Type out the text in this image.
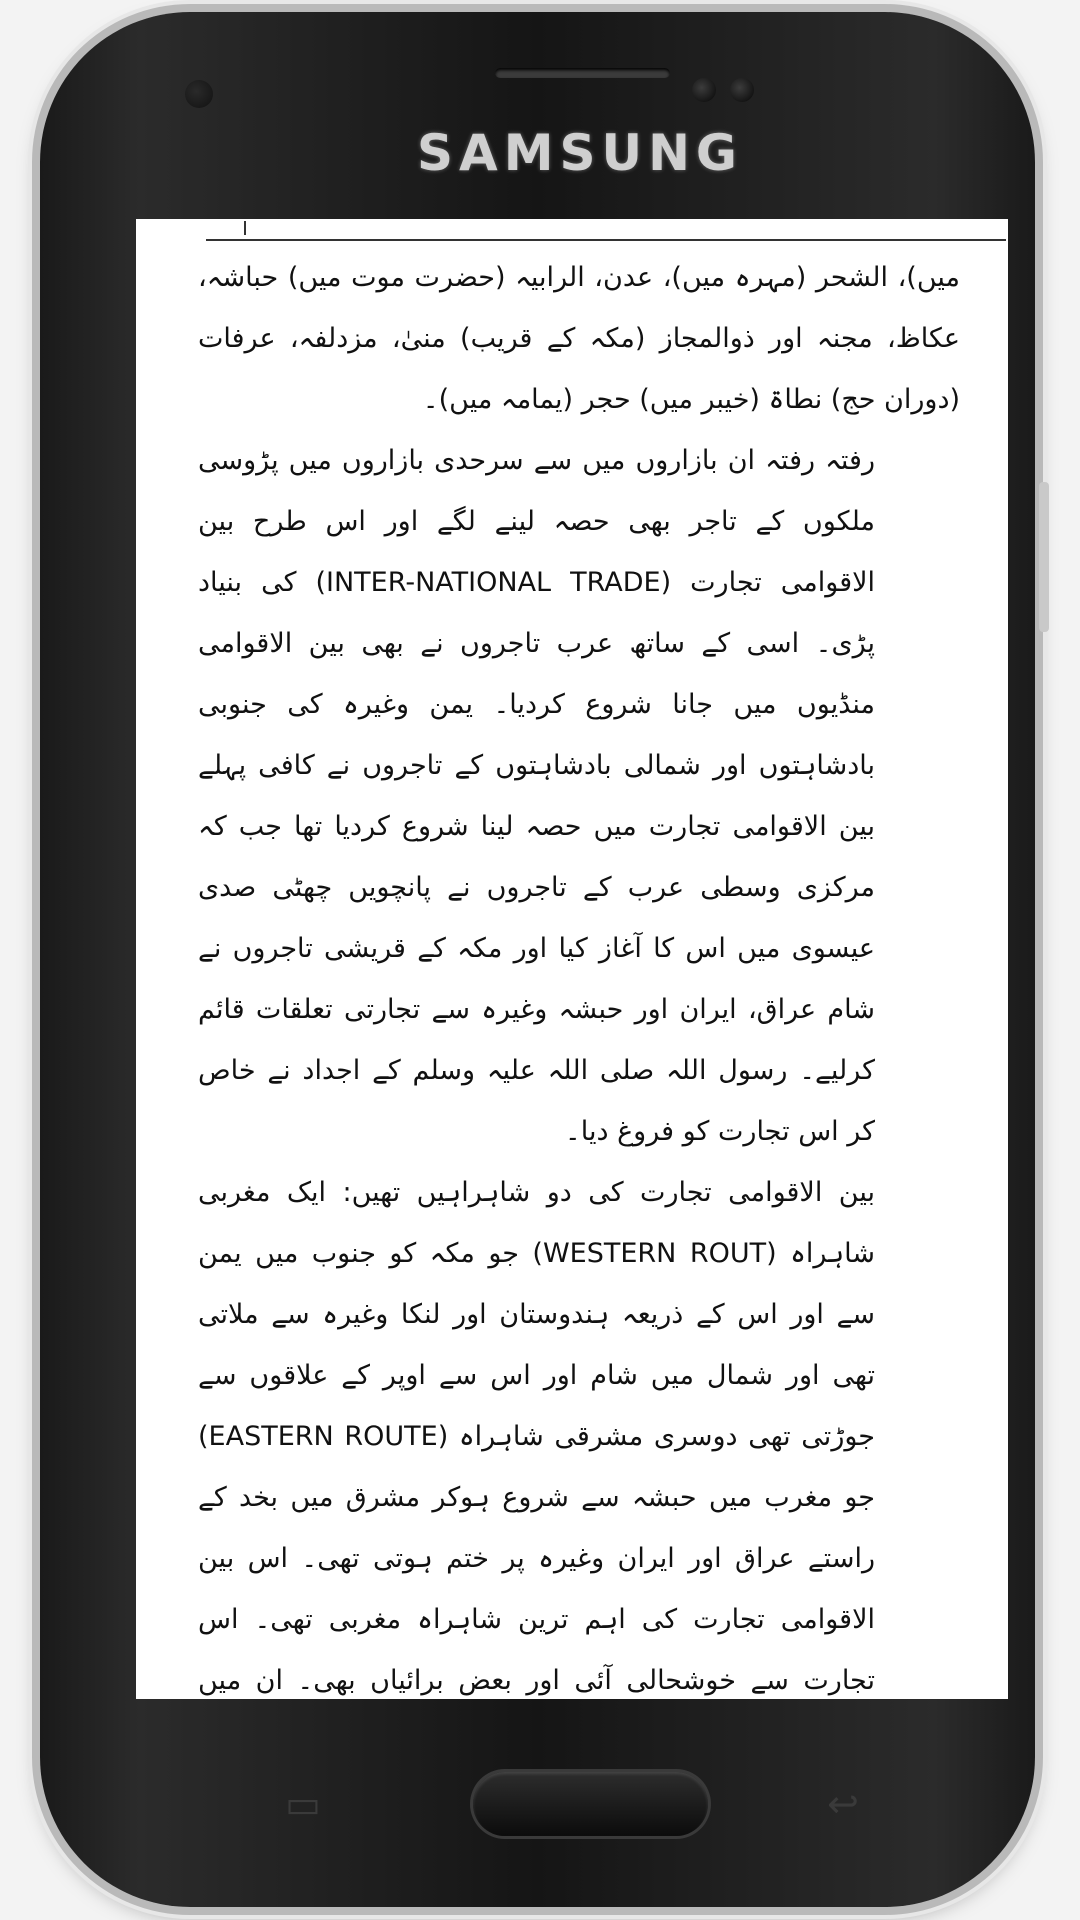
SAMSUNG

میں)، الشحر (مہرہ میں)، عدن، الرابیہ (حضرت موت میں) حباشہ، عکاظ، مجنہ اور ذوالمجاز (مکہ کے قریب) منیٰ، مزدلفہ، عرفات (دوران حج) نطاۃ (خیبر میں) حجر (یمامہ میں)۔

رفتہ رفتہ ان بازاروں میں سے سرحدی بازاروں میں پڑوسی ملکوں کے تاجر بھی حصہ لینے لگے اور اس طرح بین الاقوامی تجارت (INTER-NATIONAL TRADE) کی بنیاد پڑی۔ اسی کے ساتھ عرب تاجروں نے بھی بین الاقوامی منڈیوں میں جانا شروع کردیا۔ یمن وغیرہ کی جنوبی بادشاہتوں اور شمالی بادشاہتوں کے تاجروں نے کافی پہلے بین الاقوامی تجارت میں حصہ لینا شروع کردیا تھا جب کہ مرکزی وسطی عرب کے تاجروں نے پانچویں چھٹی صدی عیسوی میں اس کا آغاز کیا اور مکہ کے قریشی تاجروں نے شام عراق، ایران اور حبشہ وغیرہ سے تجارتی تعلقات قائم کرلیے۔ رسول اللہ صلی اللہ علیہ وسلم کے اجداد نے خاص کر اس تجارت کو فروغ دیا۔

بین الاقوامی تجارت کی دو شاہراہیں تھیں: ایک مغربی شاہراہ (WESTERN ROUT) جو مکہ کو جنوب میں یمن سے اور اس کے ذریعہ ہندوستان اور لنکا وغیرہ سے ملاتی تھی اور شمال میں شام اور اس سے اوپر کے علاقوں سے جوڑتی تھی دوسری مشرقی شاہراہ (EASTERN ROUTE) جو مغرب میں حبشہ سے شروع ہوکر مشرق میں بخد کے راستے عراق اور ایران وغیرہ پر ختم ہوتی تھی۔ اس بین الاقوامی تجارت کی اہم ترین شاہراہ مغربی تھی۔ اس تجارت سے خوشحالی آئی اور بعض برائیاں بھی۔ ان میں

▭	↩
